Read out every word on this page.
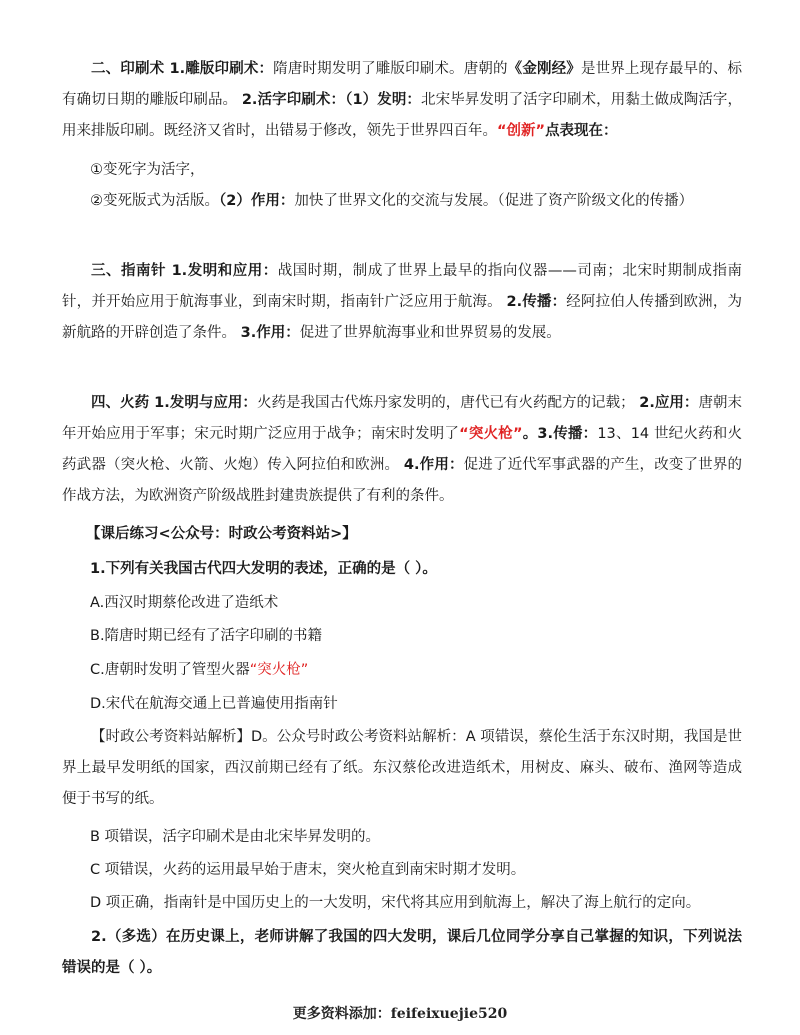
二、印刷术 1.雕版印刷术：隋唐时期发明了雕版印刷术。唐朝的《金刚经》是世界上现存最早的、标有确切日期的雕版印刷品。 2.活字印刷术：（1）发明：北宋毕昇发明了活字印刷术，用黏土做成陶活字，用来排版印刷。既经济又省时，出错易于修改，领先于世界四百年。“创新”点表现在：

①变死字为活字，

②变死版式为活版。（2）作用：加快了世界文化的交流与发展。（促进了资产阶级文化的传播）

三、指南针 1.发明和应用：战国时期，制成了世界上最早的指向仪器——司南；北宋时期制成指南针，并开始应用于航海事业，到南宋时期，指南针广泛应用于航海。 2.传播：经阿拉伯人传播到欧洲，为新航路的开辟创造了条件。 3.作用：促进了世界航海事业和世界贸易的发展。

四、火药 1.发明与应用：火药是我国古代炼丹家发明的，唐代已有火药配方的记载； 2.应用：唐朝末年开始应用于军事；宋元时期广泛应用于战争；南宋时发明了“突火枪”。3.传播：13、14 世纪火药和火药武器（突火枪、火箭、火炮）传入阿拉伯和欧洲。 4.作用：促进了近代军事武器的产生，改变了世界的作战方法，为欧洲资产阶级战胜封建贵族提供了有利的条件。

【课后练习<公众号：时政公考资料站>】

1.下列有关我国古代四大发明的表述，正确的是（ ）。

A.西汉时期蔡伦改进了造纸术

B.隋唐时期已经有了活字印刷的书籍

C.唐朝时发明了管型火器“突火枪”

D.宋代在航海交通上已普遍使用指南针

【时政公考资料站解析】D。公众号时政公考资料站解析：A 项错误，蔡伦生活于东汉时期，我国是世界上最早发明纸的国家，西汉前期已经有了纸。东汉蔡伦改进造纸术，用树皮、麻头、破布、渔网等造成便于书写的纸。

B 项错误，活字印刷术是由北宋毕昇发明的。

C 项错误，火药的运用最早始于唐末，突火枪直到南宋时期才发明。

D 项正确，指南针是中国历史上的一大发明，宋代将其应用到航海上，解决了海上航行的定向。

2.（多选）在历史课上，老师讲解了我国的四大发明，课后几位同学分享自己掌握的知识，下列说法错误的是（ ）。

更多资料添加：feifeixuejie520
